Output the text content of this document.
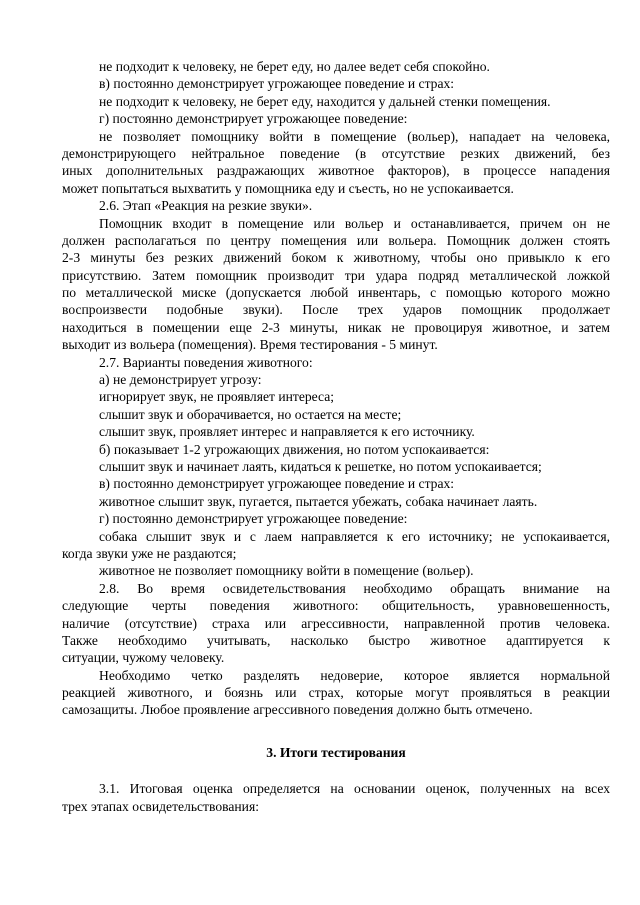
не подходит к человеку, не берет еду, но далее ведет себя спокойно.
в) постоянно демонстрирует угрожающее поведение и страх:
не подходит к человеку, не берет еду, находится у дальней стенки помещения.
г) постоянно демонстрирует угрожающее поведение:
не позволяет помощнику войти в помещение (вольер), нападает на человека,
демонстрирующего нейтральное поведение (в отсутствие резких движений, без
иных дополнительных раздражающих животное факторов), в процессе нападения
может попытаться выхватить у помощника еду и съесть, но не успокаивается.
2.6. Этап «Реакция на резкие звуки».
Помощник входит в помещение или вольер и останавливается, причем он не
должен располагаться по центру помещения или вольера. Помощник должен стоять
2-3 минуты без резких движений боком к животному, чтобы оно привыкло к его
присутствию. Затем помощник производит три удара подряд металлической ложкой
по металлической миске (допускается любой инвентарь, с помощью которого можно
воспроизвести подобные звуки). После трех ударов помощник продолжает
находиться в помещении еще 2-3 минуты, никак не провоцируя животное, и затем
выходит из вольера (помещения). Время тестирования - 5 минут.
2.7. Варианты поведения животного:
а) не демонстрирует угрозу:
игнорирует звук, не проявляет интереса;
слышит звук и оборачивается, но остается на месте;
слышит звук, проявляет интерес и направляется к его источнику.
б) показывает 1-2 угрожающих движения, но потом успокаивается:
слышит звук и начинает лаять, кидаться к решетке, но потом успокаивается;
в) постоянно демонстрирует угрожающее поведение и страх:
животное слышит звук, пугается, пытается убежать, собака начинает лаять.
г) постоянно демонстрирует угрожающее поведение:
собака слышит звук и с лаем направляется к его источнику; не успокаивается,
когда звуки уже не раздаются;
животное не позволяет помощнику войти в помещение (вольер).
2.8. Во время освидетельствования необходимо обращать внимание на
следующие черты поведения животного: общительность, уравновешенность,
наличие (отсутствие) страха или агрессивности, направленной против человека.
Также необходимо учитывать, насколько быстро животное адаптируется к
ситуации, чужому человеку.
Необходимо четко разделять недоверие, которое является нормальной
реакцией животного, и боязнь или страх, которые могут проявляться в реакции
самозащиты. Любое проявление агрессивного поведения должно быть отмечено.
3. Итоги тестирования
3.1. Итоговая оценка определяется на основании оценок, полученных на всех
трех этапах освидетельствования:
